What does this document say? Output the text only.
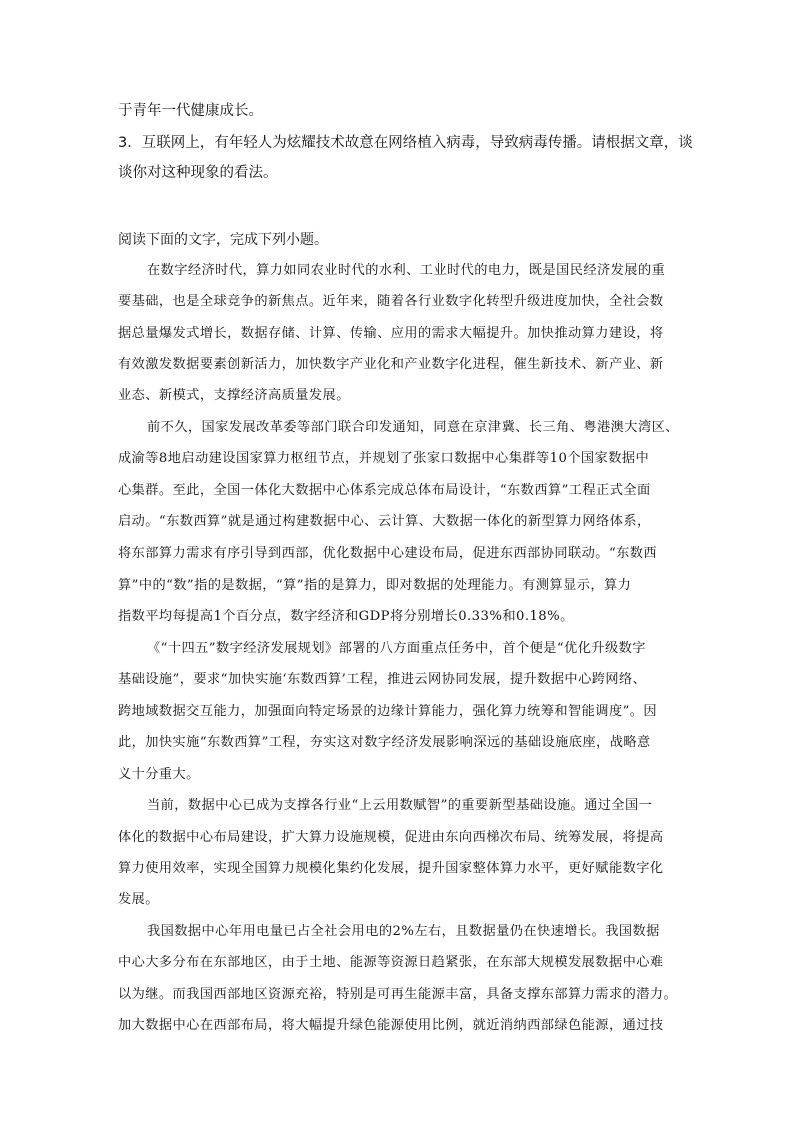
于青年一代健康成长。
3．互联网上，有年轻人为炫耀技术故意在网络植入病毒，导致病毒传播。请根据文章，谈
谈你对这种现象的看法。
阅读下面的文字，完成下列小题。
在数字经济时代，算力如同农业时代的水利、工业时代的电力，既是国民经济发展的重
要基础，也是全球竞争的新焦点。近年来，随着各行业数字化转型升级进度加快，全社会数
据总量爆发式增长，数据存储、计算、传输、应用的需求大幅提升。加快推动算力建设，将
有效激发数据要素创新活力，加快数字产业化和产业数字化进程，催生新技术、新产业、新
业态、新模式，支撑经济高质量发展。
前不久，国家发展改革委等部门联合印发通知，同意在京津冀、长三角、粤港澳大湾区、
成渝等8地启动建设国家算力枢纽节点，并规划了张家口数据中心集群等10个国家数据中
心集群。至此，全国一体化大数据中心体系完成总体布局设计，“东数西算”工程正式全面
启动。“东数西算”就是通过构建数据中心、云计算、大数据一体化的新型算力网络体系，
将东部算力需求有序引导到西部，优化数据中心建设布局，促进东西部协同联动。“东数西
算”中的“数”指的是数据，“算”指的是算力，即对数据的处理能力。有测算显示，算力
指数平均每提高1个百分点，数字经济和GDP将分别增长0.33%和0.18%。
《“十四五”数字经济发展规划》部署的八方面重点任务中，首个便是“优化升级数字
基础设施”，要求“加快实施‘东数西算’工程，推进云网协同发展，提升数据中心跨网络、
跨地域数据交互能力，加强面向特定场景的边缘计算能力，强化算力统筹和智能调度”。因
此，加快实施“东数西算”工程，夯实这对数字经济发展影响深远的基础设施底座，战略意
义十分重大。
当前，数据中心已成为支撑各行业“上云用数赋智”的重要新型基础设施。通过全国一
体化的数据中心布局建设，扩大算力设施规模，促进由东向西梯次布局、统筹发展，将提高
算力使用效率，实现全国算力规模化集约化发展，提升国家整体算力水平，更好赋能数字化
发展。
我国数据中心年用电量已占全社会用电的2%左右，且数据量仍在快速增长。我国数据
中心大多分布在东部地区，由于土地、能源等资源日趋紧张，在东部大规模发展数据中心难
以为继。而我国西部地区资源充裕，特别是可再生能源丰富，具备支撑东部算力需求的潜力。
加大数据中心在西部布局，将大幅提升绿色能源使用比例，就近消纳西部绿色能源，通过技
